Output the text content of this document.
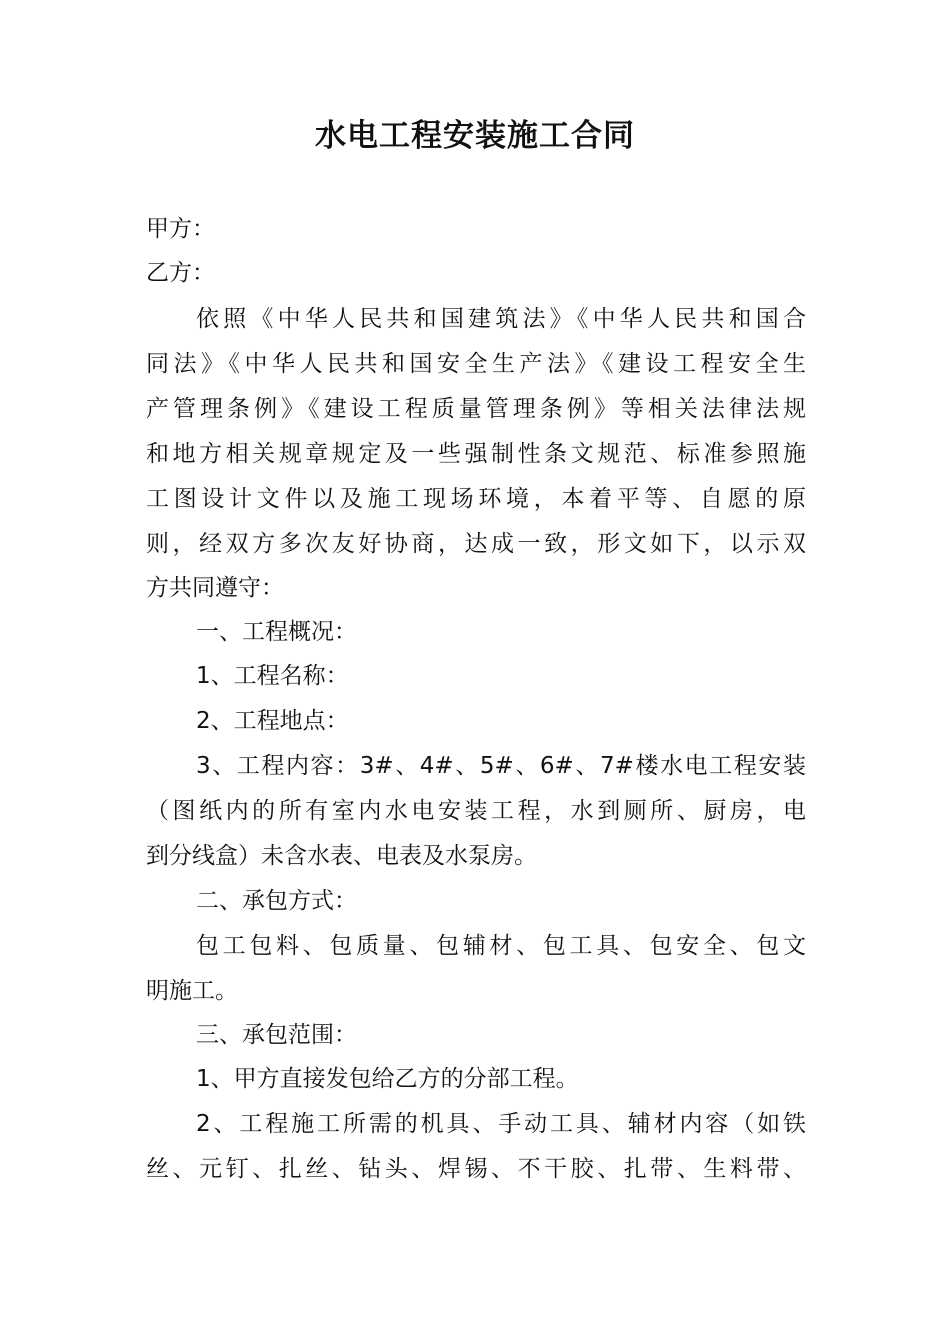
水电工程安装施工合同

甲方：

乙方：

依照《中华人民共和国建筑法》《中华人民共和国合

同法》《中华人民共和国安全生产法》《建设工程安全生

产管理条例》《建设工程质量管理条例》等相关法律法规

和地方相关规章规定及一些强制性条文规范、标准参照施

工图设计文件以及施工现场环境，本着平等、自愿的原

则，经双方多次友好协商，达成一致，形文如下，以示双

方共同遵守：

一、工程概况：

1、工程名称：

2、工程地点：

3、工程内容：3#、4#、5#、6#、7#楼水电工程安装

（图纸内的所有室内水电安装工程，水到厕所、厨房，电

到分线盒）未含水表、电表及水泵房。

二、承包方式：

包工包料、包质量、包辅材、包工具、包安全、包文

明施工。

三、承包范围：

1、甲方直接发包给乙方的分部工程。

2、工程施工所需的机具、手动工具、辅材内容（如铁

丝、元钉、扎丝、钻头、焊锡、不干胶、扎带、生料带、
